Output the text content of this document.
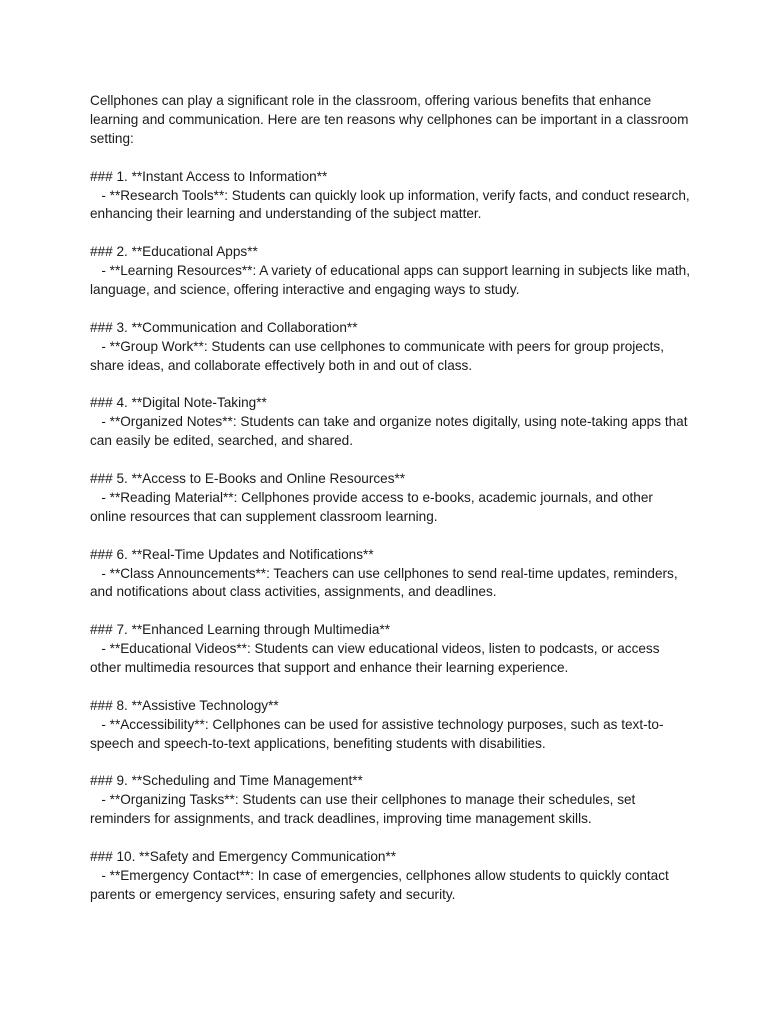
Cellphones can play a significant role in the classroom, offering various benefits that enhance learning and communication. Here are ten reasons why cellphones can be important in a classroom setting:

### 1. **Instant Access to Information**

- **Research Tools**: Students can quickly look up information, verify facts, and conduct research, enhancing their learning and understanding of the subject matter.

### 2. **Educational Apps**

- **Learning Resources**: A variety of educational apps can support learning in subjects like math, language, and science, offering interactive and engaging ways to study.

### 3. **Communication and Collaboration**

- **Group Work**: Students can use cellphones to communicate with peers for group projects, share ideas, and collaborate effectively both in and out of class.

### 4. **Digital Note-Taking**

- **Organized Notes**: Students can take and organize notes digitally, using note-taking apps that can easily be edited, searched, and shared.

### 5. **Access to E-Books and Online Resources**

- **Reading Material**: Cellphones provide access to e-books, academic journals, and other online resources that can supplement classroom learning.

### 6. **Real-Time Updates and Notifications**

- **Class Announcements**: Teachers can use cellphones to send real-time updates, reminders, and notifications about class activities, assignments, and deadlines.

### 7. **Enhanced Learning through Multimedia**

- **Educational Videos**: Students can view educational videos, listen to podcasts, or access other multimedia resources that support and enhance their learning experience.

### 8. **Assistive Technology**

- **Accessibility**: Cellphones can be used for assistive technology purposes, such as text-to-speech and speech-to-text applications, benefiting students with disabilities.

### 9. **Scheduling and Time Management**

- **Organizing Tasks**: Students can use their cellphones to manage their schedules, set reminders for assignments, and track deadlines, improving time management skills.

### 10. **Safety and Emergency Communication**

- **Emergency Contact**: In case of emergencies, cellphones allow students to quickly contact parents or emergency services, ensuring safety and security.
